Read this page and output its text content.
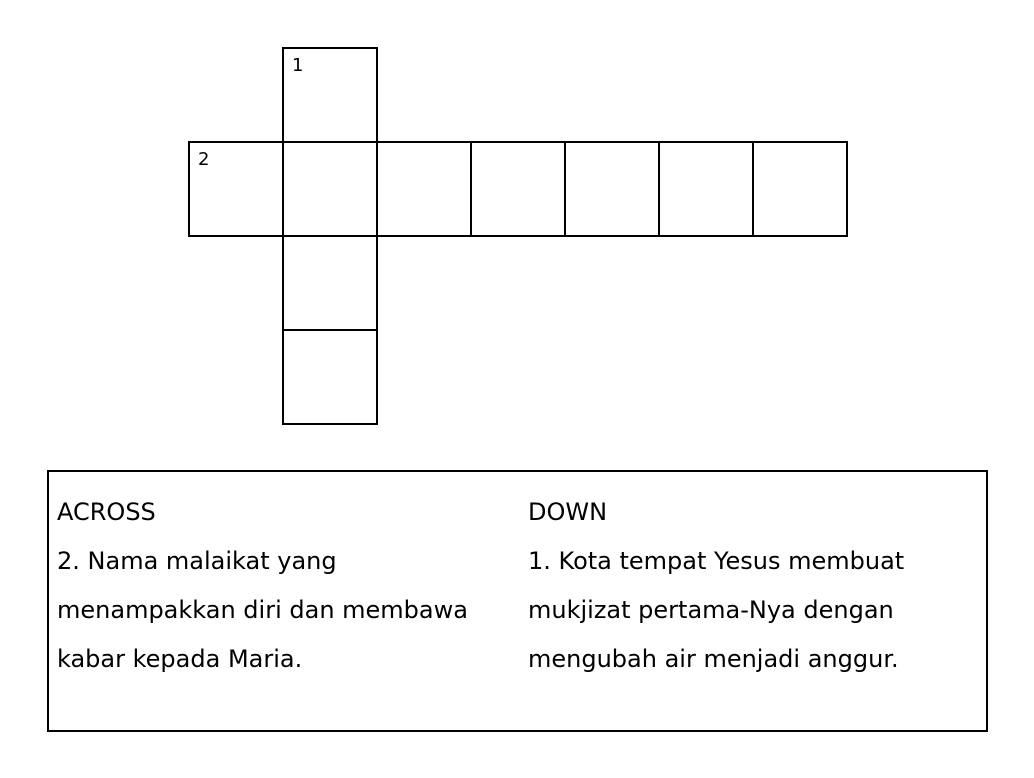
1
2
ACROSS
2. Nama malaikat yang
menampakkan diri dan membawa
kabar kepada Maria.
DOWN
1. Kota tempat Yesus membuat
mukjizat pertama-Nya dengan
mengubah air menjadi anggur.
